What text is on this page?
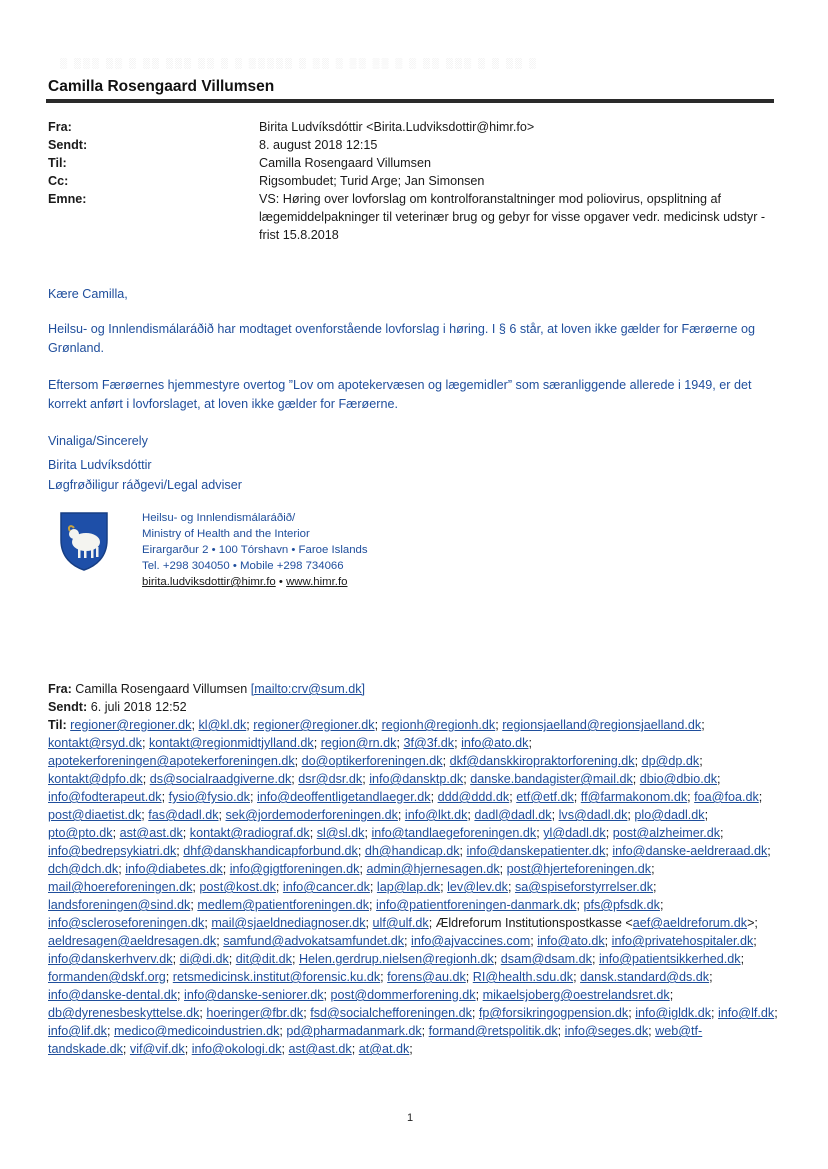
░ ░░░ ░░ ░ ░░ ░░░ ░░ ░ ░ ░░░░░ ░ ░░ ░ ░░ ░░ ░ ░ ░░ ░░░ ░ ░ ░░ ░
Camilla Rosengaard Villumsen
Fra:	Birita Ludvíksdóttir <Birita.Ludviksdottir@himr.fo>
Sendt:	8. august 2018 12:15
Til:	Camilla Rosengaard Villumsen
Cc:	Rigsombudet; Turid Arge; Jan Simonsen
Emne:	VS: Høring over lovforslag om kontrolforanstaltninger mod poliovirus, opsplitning af lægemiddelpakninger til veterinær brug og gebyr for visse opgaver vedr. medicinsk udstyr - frist 15.8.2018

Kære Camilla,

Heilsu- og Innlendismálaráðið har modtaget ovenforstående lovforslag i høring. I § 6 står, at loven ikke gælder for Færøerne og Grønland.

Eftersom Færøernes hjemmestyre overtog ”Lov om apotekervæsen og lægemidler” som særanliggende allerede i 1949, er det korrekt anført i lovforslaget, at loven ikke gælder for Færøerne.

Vinaliga/Sincerely

Birita Ludvíksdóttir

Løgfrøðiligur ráðgevi/Legal adviser

Heilsu- og Innlendismálaráðið/
Ministry of Health and the Interior
Eirargarður 2 • 100 Tórshavn • Faroe Islands
Tel. +298 304050 • Mobile +298 734066
birita.ludviksdottir@himr.fo • www.himr.fo
Fra: Camilla Rosengaard Villumsen [mailto:crv@sum.dk]
Sendt: 6. juli 2018 12:52
Til: regioner@regioner.dk; kl@kl.dk; regioner@regioner.dk; regionh@regionh.dk; regionsjaelland@regionsjaelland.dk; kontakt@rsyd.dk; kontakt@regionmidtjylland.dk; region@rn.dk; 3f@3f.dk; info@ato.dk; apotekerforeningen@apotekerforeningen.dk; do@optikerforeningen.dk; dkf@danskkiropraktorforening.dk; dp@dp.dk; kontakt@dpfo.dk; ds@socialraadgiverne.dk; dsr@dsr.dk; info@dansktp.dk; danske.bandagister@mail.dk; dbio@dbio.dk; info@fodterapeut.dk; fysio@fysio.dk; info@deoffentligetandlaeger.dk; ddd@ddd.dk; etf@etf.dk; ff@farmakonom.dk; foa@foa.dk; post@diaetist.dk; fas@dadl.dk; sek@jordemoderforeningen.dk; info@lkt.dk; dadl@dadl.dk; lvs@dadl.dk; plo@dadl.dk; pto@pto.dk; ast@ast.dk; kontakt@radiograf.dk; sl@sl.dk; info@tandlaegeforeningen.dk; yl@dadl.dk; post@alzheimer.dk; info@bedrepsykiatri.dk; dhf@danskhandicapforbund.dk; dh@handicap.dk; info@danskepatienter.dk; info@danske-aeldreraad.dk; dch@dch.dk; info@diabetes.dk; info@gigtforeningen.dk; admin@hjernesagen.dk; post@hjerteforeningen.dk; mail@hoereforeningen.dk; post@kost.dk; info@cancer.dk; lap@lap.dk; lev@lev.dk; sa@spiseforstyrrelser.dk; landsforeningen@sind.dk; medlem@patientforeningen.dk; info@patientforeningen-danmark.dk; pfs@pfsdk.dk; info@scleroseforeningen.dk; mail@sjaeldnediagnoser.dk; ulf@ulf.dk; Ældreforum Institutionspostkasse <aef@aeldreforum.dk>; aeldresagen@aeldresagen.dk; samfund@advokatsamfundet.dk; info@ajvaccines.com; info@ato.dk; info@privatehospitaler.dk; info@danskerhverv.dk; di@di.dk; dit@dit.dk; Helen.gerdrup.nielsen@regionh.dk; dsam@dsam.dk; info@patientsikkerhed.dk; formanden@dskf.org; retsmedicinsk.institut@forensic.ku.dk; forens@au.dk; RI@health.sdu.dk; dansk.standard@ds.dk; info@danske-dental.dk; info@danske-seniorer.dk; post@dommerforening.dk; mikaelsjoberg@oestrelandsret.dk; db@dyrenesbeskyttelse.dk; hoeringer@fbr.dk; fsd@socialchefforeningen.dk; fp@forsikringogpension.dk; info@igldk.dk; info@lf.dk; info@lif.dk; medico@medicoindustrien.dk; pd@pharmadanmark.dk; formand@retspolitik.dk; info@seges.dk; web@tf-tandskade.dk; vif@vif.dk; info@okologi.dk; ast@ast.dk; at@at.dk;
1
